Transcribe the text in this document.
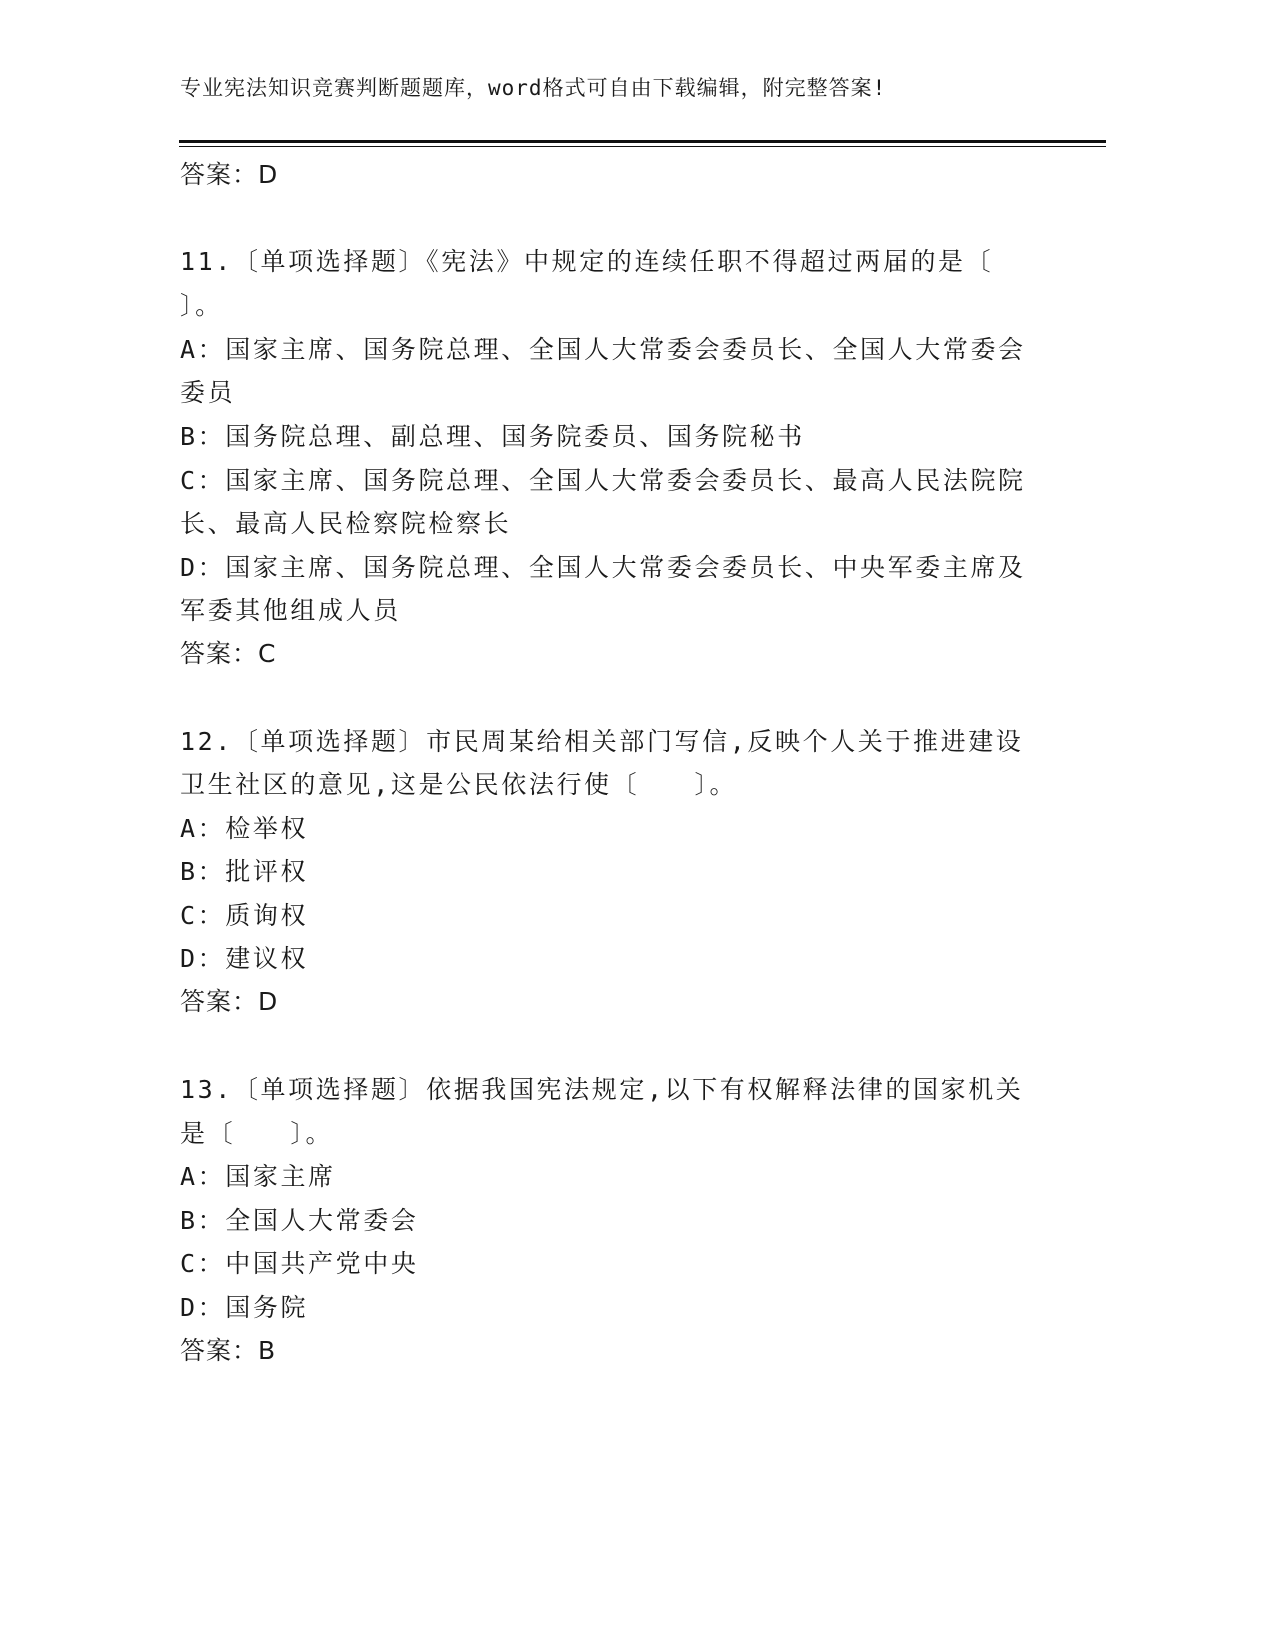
专业宪法知识竞赛判断题题库，word格式可自由下载编辑，附完整答案!
答案：D
11.〔单项选择题〕《宪法》中规定的连续任职不得超过两届的是〔
〕。
A：国家主席、国务院总理、全国人大常委会委员长、全国人大常委会
委员
B：国务院总理、副总理、国务院委员、国务院秘书
C：国家主席、国务院总理、全国人大常委会委员长、最高人民法院院
长、最高人民检察院检察长
D：国家主席、国务院总理、全国人大常委会委员长、中央军委主席及
军委其他组成人员
答案：C
12.〔单项选择题〕市民周某给相关部门写信,反映个人关于推进建设
卫生社区的意见,这是公民依法行使〔　　〕。
A：检举权
B：批评权
C：质询权
D：建议权
答案：D
13.〔单项选择题〕依据我国宪法规定,以下有权解释法律的国家机关
是〔　　〕。
A：国家主席
B：全国人大常委会
C：中国共产党中央
D：国务院
答案：B
